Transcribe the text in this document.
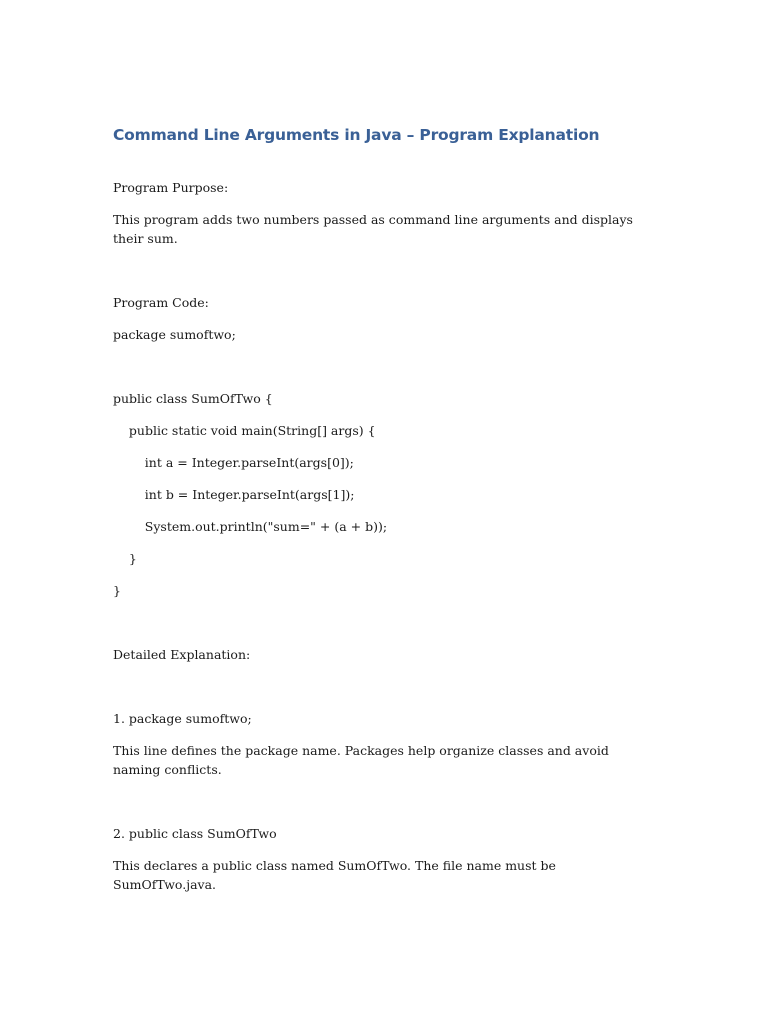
Command Line Arguments in Java – Program Explanation
Program Purpose:
This program adds two numbers passed as command line arguments and displays their sum.
Program Code:
package sumoftwo;
public class SumOfTwo {
public static void main(String[] args) {
int a = Integer.parseInt(args[0]);
int b = Integer.parseInt(args[1]);
System.out.println("sum=" + (a + b));
}
}
Detailed Explanation:
1. package sumoftwo;
This line defines the package name. Packages help organize classes and avoid naming conflicts.
2. public class SumOfTwo
This declares a public class named SumOfTwo. The file name must be SumOfTwo.java.
